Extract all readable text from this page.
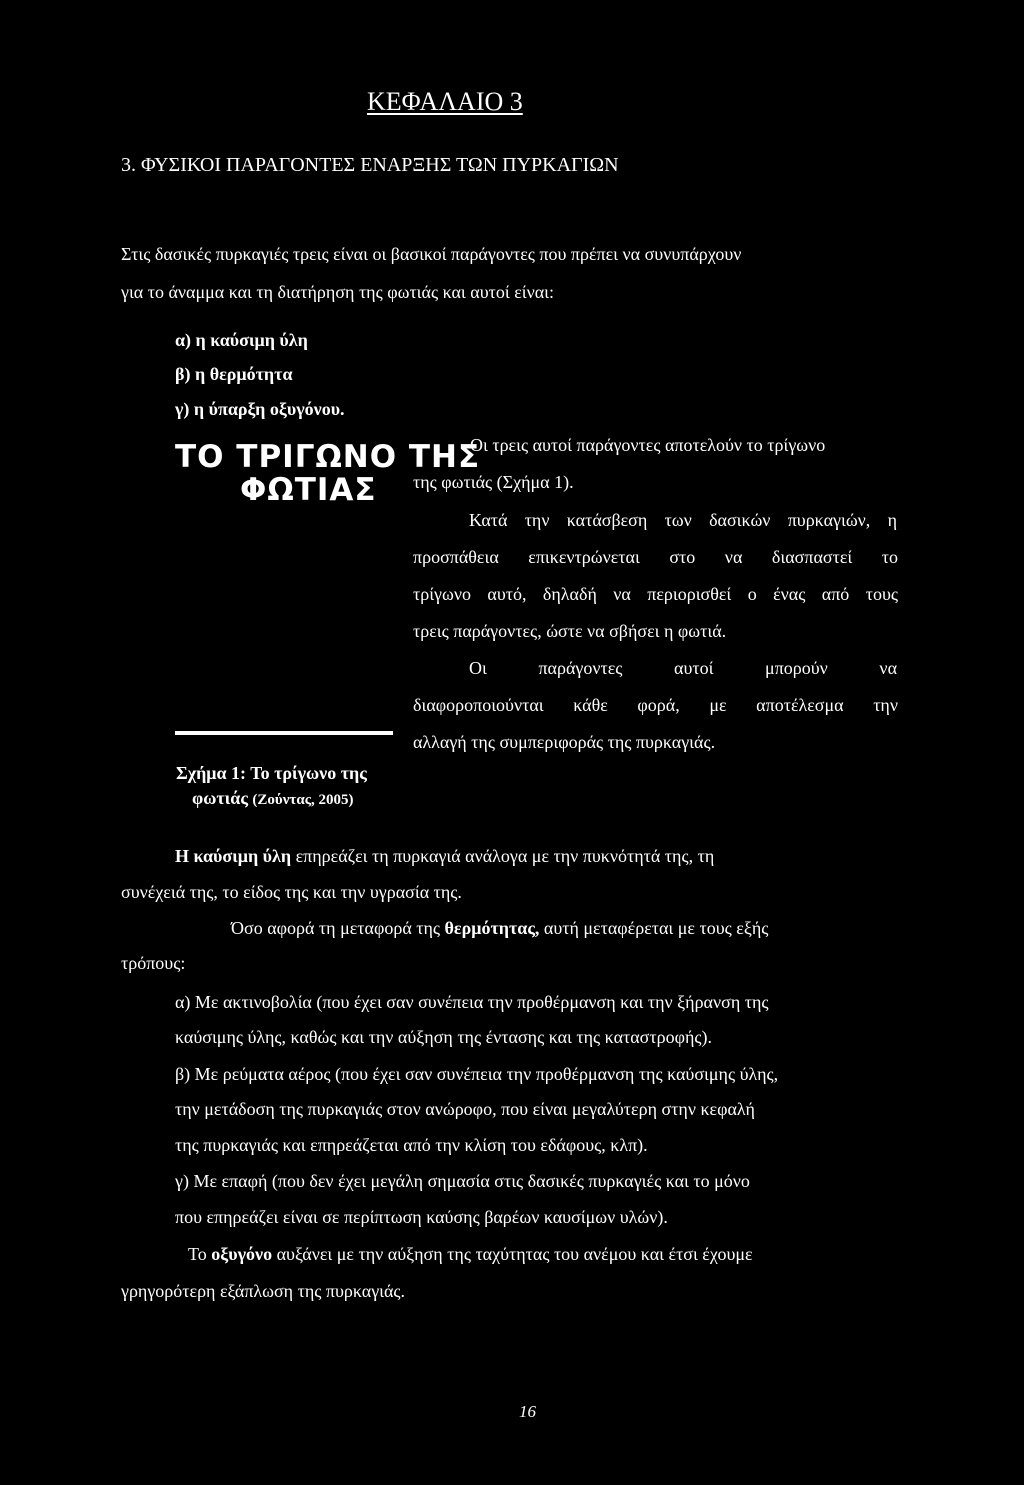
ΚΕΦΑΛΑΙΟ 3
3. ΦΥΣΙΚΟΙ ΠΑΡΑΓΟΝΤΕΣ ΕΝΑΡΞΗΣ ΤΩΝ ΠΥΡΚΑΓΙΩΝ
Στις δασικές πυρκαγιές τρεις είναι οι βασικοί παράγοντες που πρέπει να συνυπάρχουν
για το άναμμα και τη διατήρηση της φωτιάς και αυτοί είναι:
α) η καύσιμη ύλη
β) η θερμότητα
γ) η ύπαρξη οξυγόνου.
ΤΟ ΤΡΙΓΩΝΟ ΤΗΣ
ΦΩΤΙΑΣ
Σχήμα 1: Το τρίγωνο της
φωτιάς (Ζούντας, 2005)
Οι τρεις αυτοί παράγοντες αποτελούν το τρίγωνο
της φωτιάς (Σχήμα 1).
Κατά την κατάσβεση των δασικών πυρκαγιών, η
προσπάθεια επικεντρώνεται στο να διασπαστεί το
τρίγωνο αυτό, δηλαδή να περιορισθεί ο ένας από τους
τρεις παράγοντες, ώστε να σβήσει η φωτιά.
Οι παράγοντες αυτοί μπορούν να
διαφοροποιούνται κάθε φορά, με αποτέλεσμα την
αλλαγή της συμπεριφοράς της πυρκαγιάς.
Η καύσιμη ύλη επηρεάζει τη πυρκαγιά ανάλογα με την πυκνότητά της, τη
συνέχειά της, το είδος της και την υγρασία της.
Όσο αφορά τη μεταφορά της θερμότητας, αυτή μεταφέρεται με τους εξής
τρόπους:
α) Με ακτινοβολία (που έχει σαν συνέπεια την προθέρμανση και την ξήρανση της
καύσιμης ύλης, καθώς και την αύξηση της έντασης και της καταστροφής).
β) Με ρεύματα αέρος (που έχει σαν συνέπεια την προθέρμανση της καύσιμης ύλης,
την μετάδοση της πυρκαγιάς στον ανώροφο, που είναι μεγαλύτερη στην κεφαλή
της πυρκαγιάς και επηρεάζεται από την κλίση του εδάφους, κλπ).
γ) Με επαφή (που δεν έχει μεγάλη σημασία στις δασικές πυρκαγιές και το μόνο
που επηρεάζει είναι σε περίπτωση καύσης βαρέων καυσίμων υλών).
Το οξυγόνο αυξάνει με την αύξηση της ταχύτητας του ανέμου και έτσι έχουμε
γρηγορότερη εξάπλωση της πυρκαγιάς.
16
